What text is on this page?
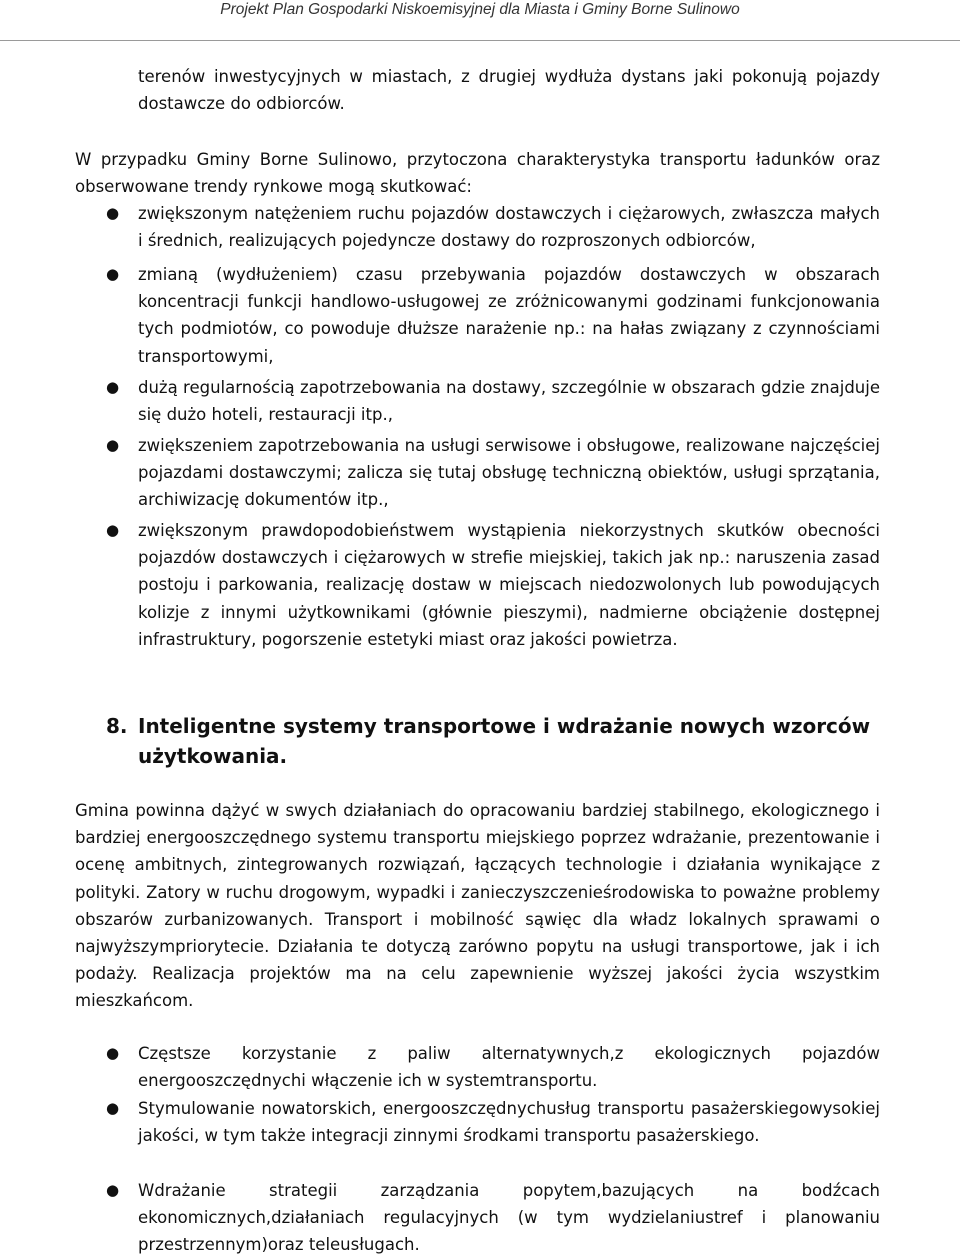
Projekt Plan Gospodarki Niskoemisyjnej dla Miasta i Gminy Borne Sulinowo
terenów inwestycyjnych w miastach, z drugiej wydłuża dystans jaki pokonują pojazdy dostawcze do odbiorców.
W przypadku Gminy Borne Sulinowo, przytoczona charakterystyka transportu ładunków oraz obserwowane trendy rynkowe mogą skutkować:
● zwiększonym natężeniem ruchu pojazdów dostawczych i ciężarowych, zwłaszcza małych i średnich, realizujących pojedyncze dostawy do rozproszonych odbiorców,
● zmianą (wydłużeniem) czasu przebywania pojazdów dostawczych w obszarach koncentracji funkcji handlowo-usługowej ze zróżnicowanymi godzinami funkcjonowania tych podmiotów, co powoduje dłuższe narażenie np.: na hałas związany z czynnościami transportowymi,
● dużą regularnością zapotrzebowania na dostawy, szczególnie w obszarach gdzie znajduje się dużo hoteli, restauracji itp.,
● zwiększeniem zapotrzebowania na usługi serwisowe i obsługowe, realizowane najczęściej pojazdami dostawczymi; zalicza się tutaj obsługę techniczną obiektów, usługi sprzątania, archiwizację dokumentów itp.,
● zwiększonym prawdopodobieństwem wystąpienia niekorzystnych skutków obecności pojazdów dostawczych i ciężarowych w strefie miejskiej, takich jak np.: naruszenia zasad postoju i parkowania, realizację dostaw w miejscach niedozwolonych lub powodujących kolizje z innymi użytkownikami (głównie pieszymi), nadmierne obciążenie dostępnej infrastruktury, pogorszenie estetyki miast oraz jakości powietrza.
8. Inteligentne systemy transportowe i wdrażanie nowych wzorców użytkowania.
Gmina powinna dążyć w swych działaniach do opracowaniu bardziej stabilnego, ekologicznego i bardziej energooszczędnego systemu transportu miejskiego poprzez wdrażanie, prezentowanie i ocenę ambitnych, zintegrowanych rozwiązań, łączących technologie i działania wynikające z polityki. Zatory w ruchu drogowym, wypadki i zanieczyszczenieśrodowiska to poważne problemy obszarów zurbanizowanych. Transport i mobilność sąwięc dla władz lokalnych sprawami o najwyższympriorytecie. Działania te dotyczą zarówno popytu na usługi transportowe, jak i ich podaży. Realizacja projektów ma na celu zapewnienie wyższej jakości życia wszystkim mieszkańcom.
● Częstsze korzystanie z paliw alternatywnych,z ekologicznych pojazdów energooszczędnychi włączenie ich w systemtransportu.
● Stymulowanie nowatorskich, energooszczędnychusług transportu pasażerskiegowysokiej jakości, w tym także integracji zinnymi środkami transportu pasażerskiego.
● Wdrażanie strategii zarządzania popytem,bazujących na bodźcach ekonomicznych,działaniach regulacyjnych (w tym wydzielaniustref i planowaniu przestrzennym)oraz teleusługach.
